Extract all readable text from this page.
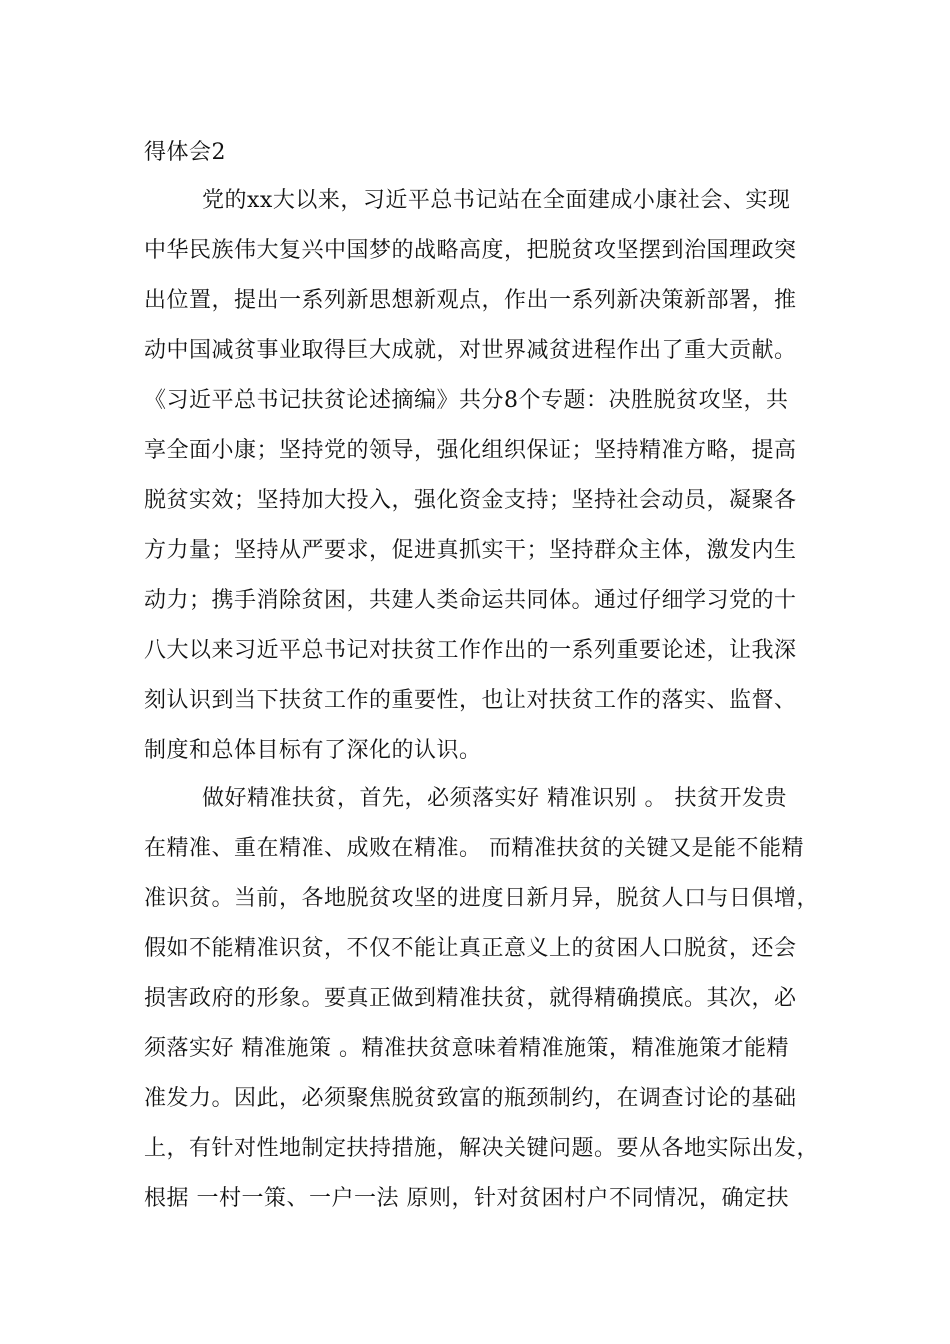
得体会2
党的xx大以来，习近平总书记站在全面建成小康社会、实现
中华民族伟大复兴中国梦的战略高度，把脱贫攻坚摆到治国理政突
出位置，提出一系列新思想新观点，作出一系列新决策新部署，推
动中国减贫事业取得巨大成就，对世界减贫进程作出了重大贡献。
《习近平总书记扶贫论述摘编》共分8个专题：决胜脱贫攻坚，共
享全面小康；坚持党的领导，强化组织保证；坚持精准方略，提高
脱贫实效；坚持加大投入，强化资金支持；坚持社会动员，凝聚各
方力量；坚持从严要求，促进真抓实干；坚持群众主体，激发内生
动力；携手消除贫困，共建人类命运共同体。通过仔细学习党的十
八大以来习近平总书记对扶贫工作作出的一系列重要论述，让我深
刻认识到当下扶贫工作的重要性，也让对扶贫工作的落实、监督、
制度和总体目标有了深化的认识。
做好精准扶贫，首先，必须落实好 精准识别 。 扶贫开发贵
在精准、重在精准、成败在精准。 而精准扶贫的关键又是能不能精
准识贫。当前，各地脱贫攻坚的进度日新月异，脱贫人口与日俱增，
假如不能精准识贫，不仅不能让真正意义上的贫困人口脱贫，还会
损害政府的形象。要真正做到精准扶贫，就得精确摸底。其次，必
须落实好 精准施策 。精准扶贫意味着精准施策，精准施策才能精
准发力。因此，必须聚焦脱贫致富的瓶颈制约，在调查讨论的基础
上，有针对性地制定扶持措施，解决关键问题。要从各地实际出发，
根据 一村一策、一户一法 原则，针对贫困村户不同情况，确定扶
